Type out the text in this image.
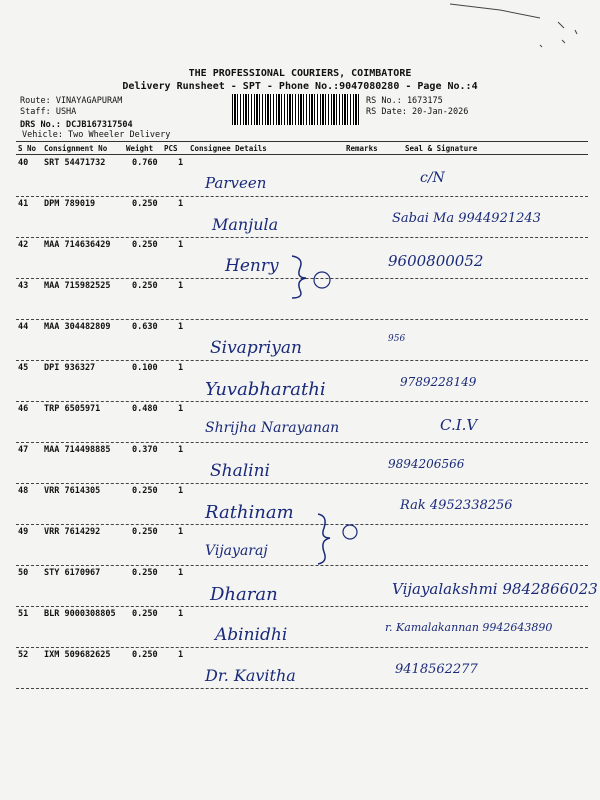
THE PROFESSIONAL COURIERS, COIMBATORE
Delivery Runsheet - SPT - Phone No.:9047080280 - Page No.:4
Route: VINAYAGAPURAM
Staff: USHA
DRS No.: DCJB167317504
Vehicle: Two Wheeler Delivery
RS No.: 1673175
RS Date: 20-Jan-2026
S No Consignment No	Weight PCS Consignee Details	Remarks	Seal & Signature
40 SRT 54471732	0.760 1
Parveen	c/N
41 DPM 789019	0.250 1
Manjula	Sabai Ma 9944921243
42 MAA 714636429	0.250 1
Henry	9600800052
43 MAA 715982525	0.250 1
44 MAA 304482809	0.630 1
Sivapriyan	956
45 DPI 936327	0.100 1
Yuvabharathi	9789228149
46 TRP 6505971	0.480 1
Shrijha Narayanan	C.I.V
47 MAA 714498885	0.370 1
Shalini	9894206566
48 VRR 7614305	0.250 1
Rathinam	Rak 4952338256
49 VRR 7614292	0.250 1
Vijayaraj
50 STY 6170967	0.250 1
Dharan	Vijayalakshmi 9842866023
51 BLR 9000308805 0.250 1
Abinidhi	r. Kamalakannan 9942643890
52 IXM 509682625	0.250 1
Dr. Kavitha	9418562277
